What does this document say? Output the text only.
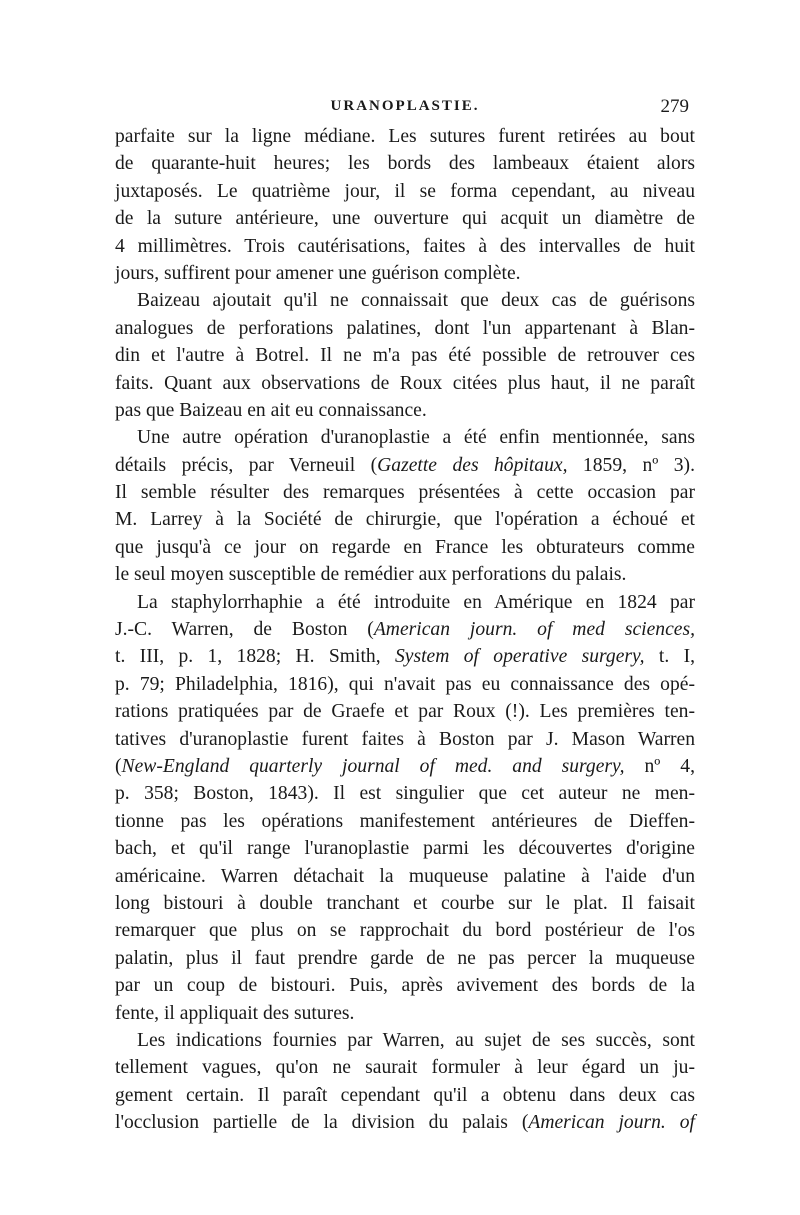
URANOPLASTIE.	279
parfaite sur la ligne médiane. Les sutures furent retirées au bout
de quarante-huit heures; les bords des lambeaux étaient alors
juxtaposés. Le quatrième jour, il se forma cependant, au niveau
de la suture antérieure, une ouverture qui acquit un diamètre de
4 millimètres. Trois cautérisations, faites à des intervalles de huit
jours, suffirent pour amener une guérison complète.
Baizeau ajoutait qu'il ne connaissait que deux cas de guérisons
analogues de perforations palatines, dont l'un appartenant à Blan-
din et l'autre à Botrel. Il ne m'a pas été possible de retrouver ces
faits. Quant aux observations de Roux citées plus haut, il ne paraît
pas que Baizeau en ait eu connaissance.
Une autre opération d'uranoplastie a été enfin mentionnée, sans
détails précis, par Verneuil (Gazette des hôpitaux, 1859, nº 3).
Il semble résulter des remarques présentées à cette occasion par
M. Larrey à la Société de chirurgie, que l'opération a échoué et
que jusqu'à ce jour on regarde en France les obturateurs comme
le seul moyen susceptible de remédier aux perforations du palais.
La staphylorrhaphie a été introduite en Amérique en 1824 par
J.-C. Warren, de Boston (American journ. of med sciences,
t. III, p. 1, 1828; H. Smith, System of operative surgery, t. I,
p. 79; Philadelphia, 1816), qui n'avait pas eu connaissance des opé-
rations pratiquées par de Graefe et par Roux (!). Les premières ten-
tatives d'uranoplastie furent faites à Boston par J. Mason Warren
(New-England quarterly journal of med. and surgery, nº 4,
p. 358; Boston, 1843). Il est singulier que cet auteur ne men-
tionne pas les opérations manifestement antérieures de Dieffen-
bach, et qu'il range l'uranoplastie parmi les découvertes d'origine
américaine. Warren détachait la muqueuse palatine à l'aide d'un
long bistouri à double tranchant et courbe sur le plat. Il faisait
remarquer que plus on se rapprochait du bord postérieur de l'os
palatin, plus il faut prendre garde de ne pas percer la muqueuse
par un coup de bistouri. Puis, après avivement des bords de la
fente, il appliquait des sutures.
Les indications fournies par Warren, au sujet de ses succès, sont
tellement vagues, qu'on ne saurait formuler à leur égard un ju-
gement certain. Il paraît cependant qu'il a obtenu dans deux cas
l'occlusion partielle de la division du palais (American journ. of
